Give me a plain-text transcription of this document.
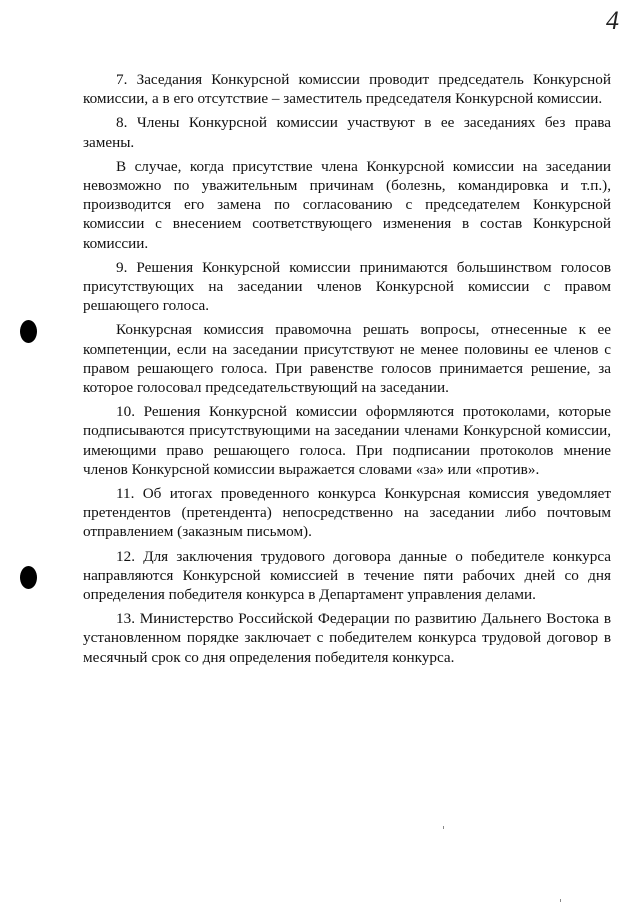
4

7. Заседания Конкурсной комиссии проводит председатель Конкурсной комиссии, а в его отсутствие – заместитель председателя Конкурсной комиссии.

8. Члены Конкурсной комиссии участвуют в ее заседаниях без права замены.

В случае, когда присутствие члена Конкурсной комиссии на заседании невозможно по уважительным причинам (болезнь, командировка и т.п.), производится его замена по согласованию с председателем Конкурсной комиссии с внесением соответствующего изменения в состав Конкурсной комиссии.

9. Решения Конкурсной комиссии принимаются большинством голосов присутствующих на заседании членов Конкурсной комиссии с правом решающего голоса.

Конкурсная комиссия правомочна решать вопросы, отнесенные к ее компетенции, если на заседании присутствуют не менее половины ее членов с правом решающего голоса. При равенстве голосов принимается решение, за которое голосовал председательствующий на заседании.

10. Решения Конкурсной комиссии оформляются протоколами, которые подписываются присутствующими на заседании членами Конкурсной комиссии, имеющими право решающего голоса. При подписании протоколов мнение членов Конкурсной комиссии выражается словами «за» или «против».

11. Об итогах проведенного конкурса Конкурсная комиссия уведомляет претендентов (претендента) непосредственно на заседании либо почтовым отправлением (заказным письмом).

12. Для заключения трудового договора данные о победителе конкурса направляются Конкурсной комиссией в течение пяти рабочих дней со дня определения победителя конкурса в Департамент управления делами.

13. Министерство Российской Федерации по развитию Дальнего Востока в установленном порядке заключает с победителем конкурса трудовой договор в месячный срок со дня определения победителя конкурса.
